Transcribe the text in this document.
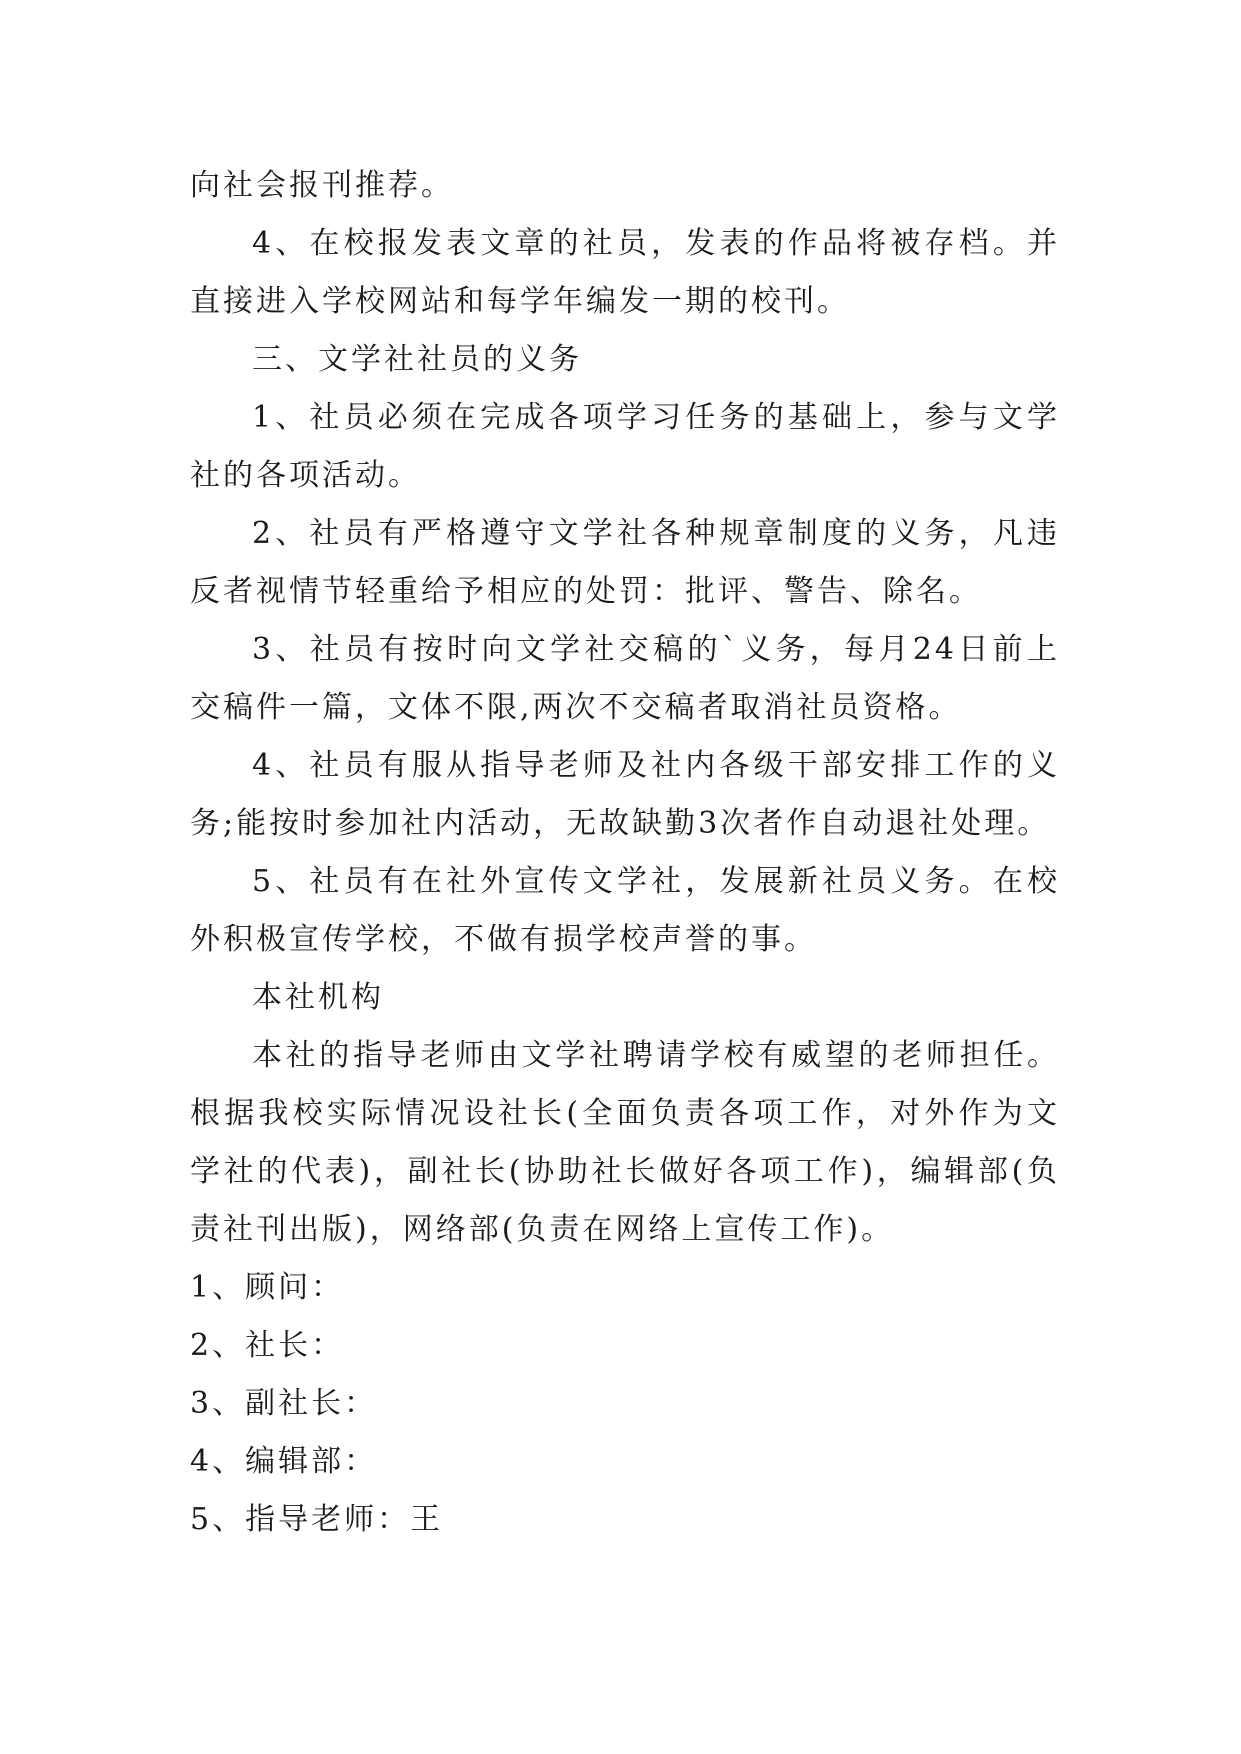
向社会报刊推荐。

4、在校报发表文章的社员，发表的作品将被存档。并直接进入学校网站和每学年编发一期的校刊。

三、文学社社员的义务

1、社员必须在完成各项学习任务的基础上，参与文学社的各项活动。

2、社员有严格遵守文学社各种规章制度的义务，凡违反者视情节轻重给予相应的处罚：批评、警告、除名。

3、社员有按时向文学社交稿的`义务，每月24日前上交稿件一篇，文体不限,两次不交稿者取消社员资格。

4、社员有服从指导老师及社内各级干部安排工作的义务;能按时参加社内活动，无故缺勤3次者作自动退社处理。

5、社员有在社外宣传文学社，发展新社员义务。在校外积极宣传学校，不做有损学校声誉的事。

本社机构

本社的指导老师由文学社聘请学校有威望的老师担任。根据我校实际情况设社长(全面负责各项工作，对外作为文学社的代表)，副社长(协助社长做好各项工作)，编辑部(负责社刊出版)，网络部(负责在网络上宣传工作)。

1、顾问：

2、社长：

3、副社长：

4、编辑部：

5、指导老师：王
